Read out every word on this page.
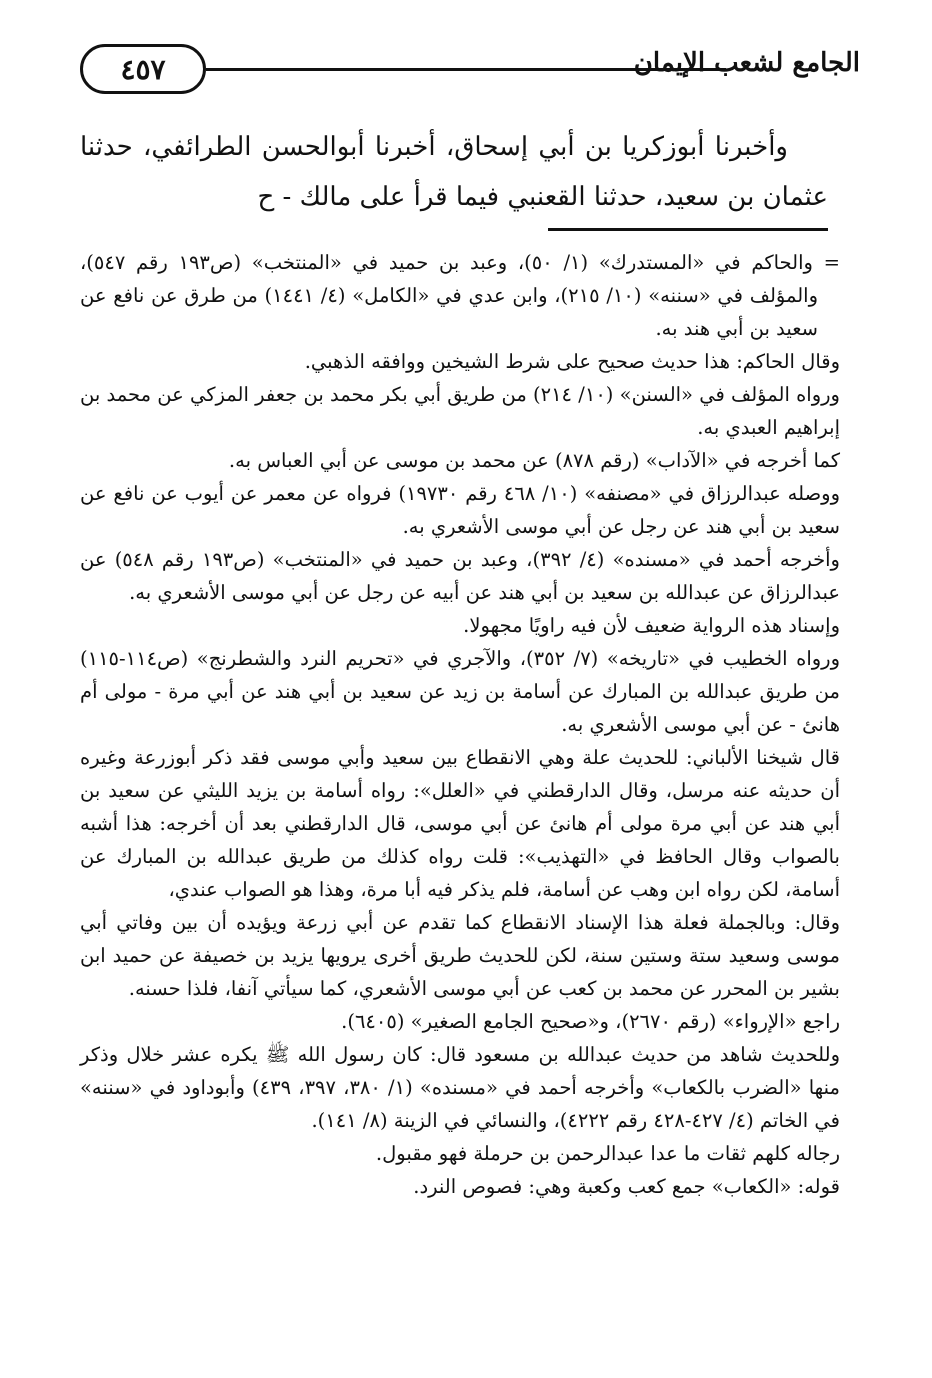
٤٥٧	الجامع لشعب الإيمان

وأخبرنا أبوزكريا بن أبي إسحاق، أخبرنا أبوالحسن الطرائفي، حدثنا عثمان بن سعيد، حدثنا القعنبي فيما قرأ على مالك - ح

= والحاكم في «المستدرك» (١/ ٥٠)، وعبد بن حميد في «المنتخب» (ص١٩٣ رقم ٥٤٧)، والمؤلف في «سننه» (١٠/ ٢١٥)، وابن عدي في «الكامل» (٤/ ١٤٤١) من طرق عن نافع عن سعيد بن أبي هند به.

وقال الحاكم: هذا حديث صحيح على شرط الشيخين ووافقه الذهبي.

ورواه المؤلف في «السنن» (١٠/ ٢١٤) من طريق أبي بكر محمد بن جعفر المزكي عن محمد بن إبراهيم العبدي به.

كما أخرجه في «الآداب» (رقم ٨٧٨) عن محمد بن موسى عن أبي العباس به.

ووصله عبدالرزاق في «مصنفه» (١٠/ ٤٦٨ رقم ١٩٧٣٠) فرواه عن معمر عن أيوب عن نافع عن سعيد بن أبي هند عن رجل عن أبي موسى الأشعري به.

وأخرجه أحمد في «مسنده» (٤/ ٣٩٢)، وعبد بن حميد في «المنتخب» (ص١٩٣ رقم ٥٤٨) عن عبدالرزاق عن عبدالله بن سعيد بن أبي هند عن أبيه عن رجل عن أبي موسى الأشعري به.

وإسناد هذه الرواية ضعيف لأن فيه راويًا مجهولا.

ورواه الخطيب في «تاريخه» (٧/ ٣٥٢)، والآجري في «تحريم النرد والشطرنج» (ص١١٤-١١٥) من طريق عبدالله بن المبارك عن أسامة بن زيد عن سعيد بن أبي هند عن أبي مرة - مولى أم هانئ - عن أبي موسى الأشعري به.

قال شيخنا الألباني: للحديث علة وهي الانقطاع بين سعيد وأبي موسى فقد ذكر أبوزرعة وغيره أن حديثه عنه مرسل، وقال الدارقطني في «العلل»: رواه أسامة بن يزيد الليثي عن سعيد بن أبي هند عن أبي مرة مولى أم هانئ عن أبي موسى، قال الدارقطني بعد أن أخرجه: هذا أشبه بالصواب وقال الحافظ في «التهذيب»: قلت رواه كذلك من طريق عبدالله بن المبارك عن أسامة، لكن رواه ابن وهب عن أسامة، فلم يذكر فيه أبا مرة، وهذا هو الصواب عندي،

وقال: وبالجملة فعلة هذا الإسناد الانقطاع كما تقدم عن أبي زرعة ويؤيده أن بين وفاتي أبي موسى وسعيد ستة وستين سنة، لكن للحديث طريق أخرى يرويها يزيد بن خصيفة عن حميد ابن بشير بن المحرر عن محمد بن كعب عن أبي موسى الأشعري، كما سيأتي آنفا، فلذا حسنه.

راجع «الإرواء» (رقم ٢٦٧٠)، و«صحيح الجامع الصغير» (٦٤٠٥).

وللحديث شاهد من حديث عبدالله بن مسعود قال: كان رسول الله ﷺ يكره عشر خلال وذكر منها «الضرب بالكعاب» وأخرجه أحمد في «مسنده» (١/ ٣٨٠، ٣٩٧، ٤٣٩) وأبوداود في «سننه» في الخاتم (٤/ ٤٢٧-٤٢٨ رقم ٤٢٢٢)، والنسائي في الزينة (٨/ ١٤١).

رجاله كلهم ثقات ما عدا عبدالرحمن بن حرملة فهو مقبول.

قوله: «الكعاب» جمع كعب وكعبة وهي: فصوص النرد.
